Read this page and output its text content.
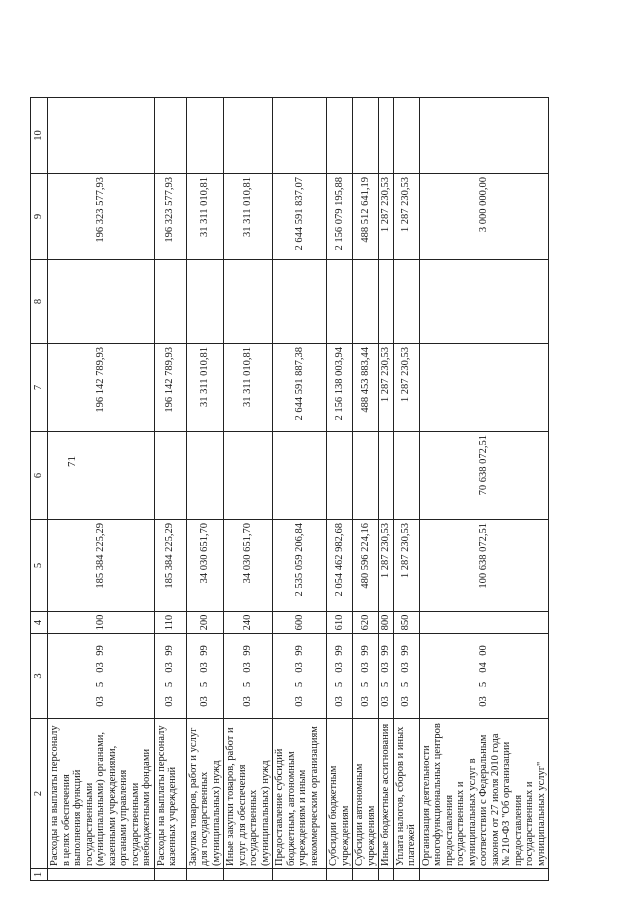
71
1	2	3	4	5	6	7	8	9	10
	Расходы на выплаты персоналу в целях обеспечения выполнения функций государственными (муниципальными) органами, казенными учреждениями, органами управления государственными внебюджетными фондами	0350399	100	185 384 225,29		196 142 789,93		196 323 577,93	
	Расходы на выплаты персоналу казенных учреждений	0350399	110	185 384 225,29		196 142 789,93		196 323 577,93	
	Закупка товаров, работ и услуг для государственных (муниципальных) нужд	0350399	200	34 030 651,70		31 311 010,81		31 311 010,81	
	Иные закупки товаров, работ и услуг для обеспечения государственных (муниципальных) нужд	0350399	240	34 030 651,70		31 311 010,81		31 311 010,81	
	Предоставление субсидий бюджетным, автономным учреждениям и иным некоммерческим организациям	0350399	600	2 535 059 206,84		2 644 591 887,38		2 644 591 837,07	
	Субсидии бюджетным учреждениям	0350399	610	2 054 462 982,68		2 156 138 003,94		2 156 079 195,88	
	Субсидии автономным учреждениям	0350399	620	480 596 224,16		488 453 883,44		488 512 641,19	
	Иные бюджетные ассигнования	0350399	800	1 287 230,53		1 287 230,53		1 287 230,53	
	Уплата налогов, сборов и иных платежей	0350399	850	1 287 230,53		1 287 230,53		1 287 230,53	
	Организация деятельности многофункциональных центров предоставления государственных и муниципальных услуг в соответствии с Федеральным законом от 27 июля 2010 года № 210-ФЗ "Об организации предоставления государственных и муниципальных услуг"	0350400		100 638 072,51	70 638 072,51			3 000 000,00	
